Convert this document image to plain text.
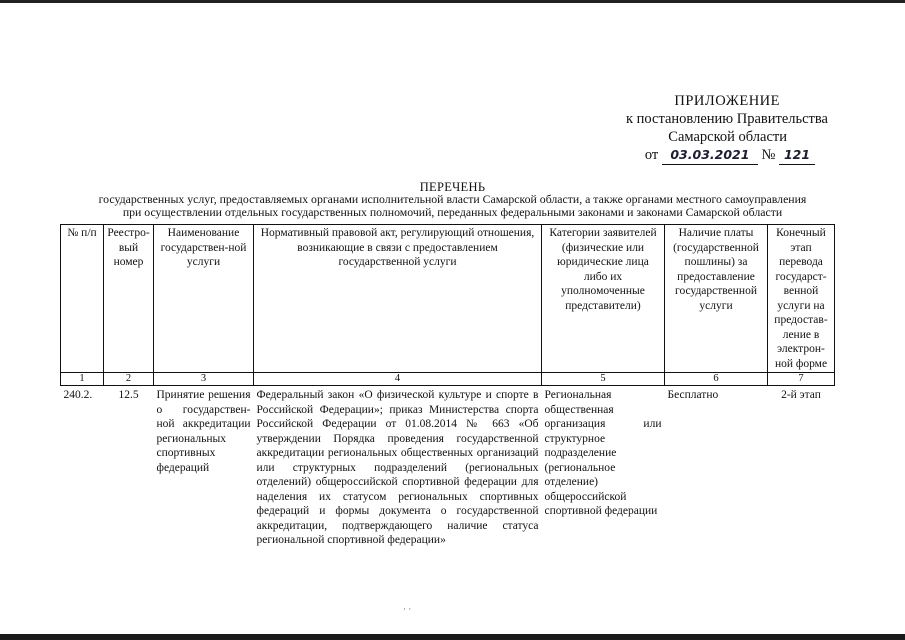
ПРИЛОЖЕНИЕ
к постановлению Правительства
Самарской области
от 03.03.2021 № 121
ПЕРЕЧЕНЬ
государственных услуг, предоставляемых органами исполнительной власти Самарской области, а также органами местного самоуправления
при осуществлении отдельных государственных полномочий, переданных федеральными законами и законами Самарской области
№ п/п	Реестро-вый номер	Наименование государствен-ной услуги	Нормативный правовой акт, регулирующий отношения, возникающие в связи с предоставлением государственной услуги	Категории заявителей (физические или юридические лица либо их уполномоченные представители)	Наличие платы (государственной пошлины) за предоставление государственной услуги	Конечный этап перевода государст-венной услуги на предостав-ление в электрон-ной форме
1	2	3	4	5	6	7
240.2.	12.5	Принятие решения о государствен-ной аккредитации региональных спортивных федераций	Федеральный закон «О физической культуре и спорте в Российской Федерации»; приказ Министерства спорта Российской Федерации от 01.08.2014 № 663 «Об утверждении Порядка проведения государственной аккредитации региональных общественных организаций или структурных подразделений (региональных отделений) общероссийской спортивной федерации для наделения их статусом региональных спортивных федераций и формы документа о государственной аккредитации, подтверждающего наличие статуса региональной спортивной федерации»	Региональная общественная организация или структурное подразделение (региональное отделение) общероссийской спортивной федерации	Бесплатно	2-й этап
· ·
